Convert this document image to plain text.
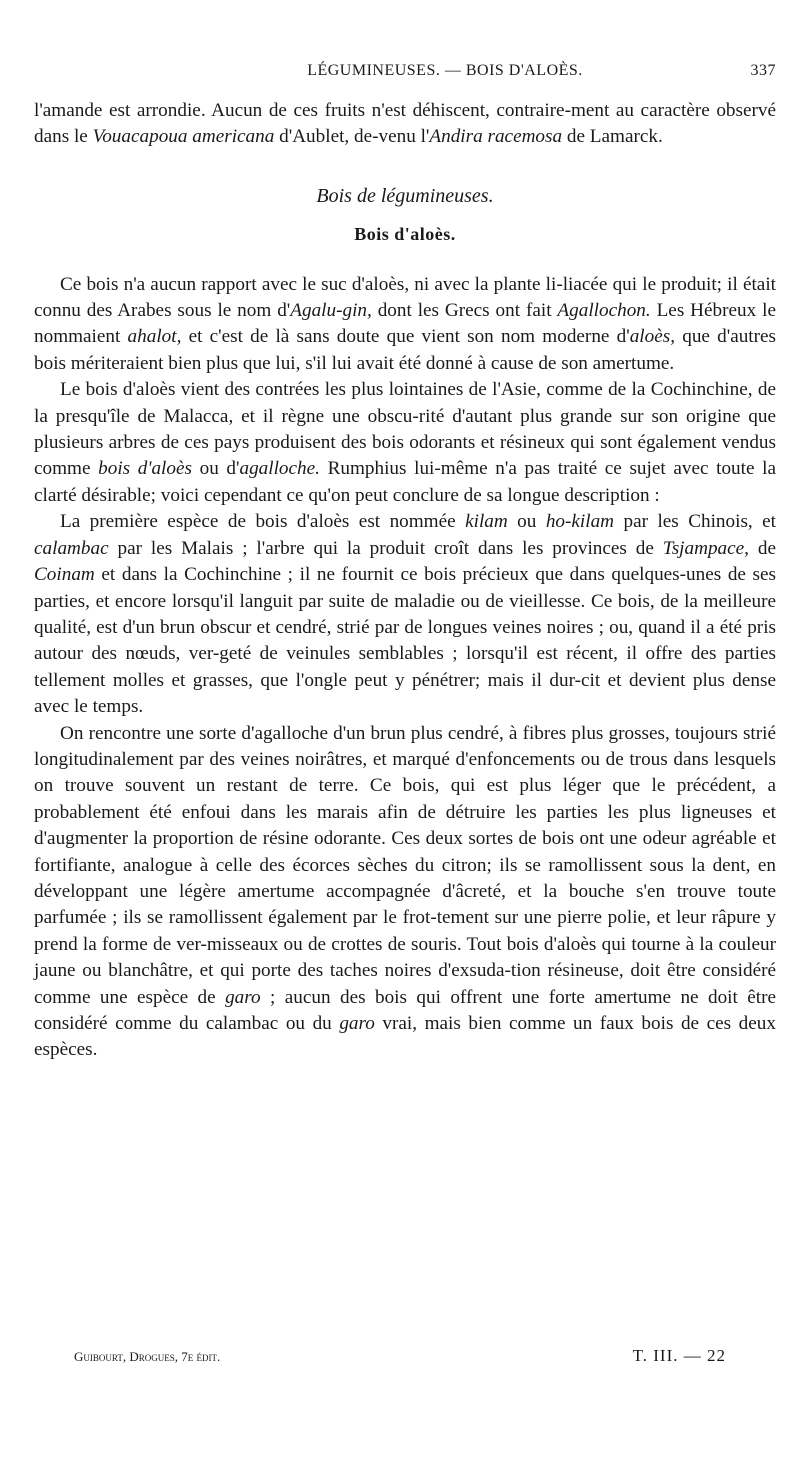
LÉGUMINEUSES. — BOIS D'ALOÈS.	337

l'amande est arrondie. Aucun de ces fruits n'est déhiscent, contraire-ment au caractère observé dans le Vouacapoua americana d'Aublet, de-venu l'Andira racemosa de Lamarck.

Bois de légumineuses.
Bois d'aloès.

Ce bois n'a aucun rapport avec le suc d'aloès, ni avec la plante li-liacée qui le produit; il était connu des Arabes sous le nom d'Agalu-gin, dont les Grecs ont fait Agallochon. Les Hébreux le nommaient ahalot, et c'est de là sans doute que vient son nom moderne d'aloès, que d'autres bois mériteraient bien plus que lui, s'il lui avait été donné à cause de son amertume.

Le bois d'aloès vient des contrées les plus lointaines de l'Asie, comme de la Cochinchine, de la presqu'île de Malacca, et il règne une obscu-rité d'autant plus grande sur son origine que plusieurs arbres de ces pays produisent des bois odorants et résineux qui sont également vendus comme bois d'aloès ou d'agalloche. Rumphius lui-même n'a pas traité ce sujet avec toute la clarté désirable; voici cependant ce qu'on peut conclure de sa longue description :

La première espèce de bois d'aloès est nommée kilam ou ho-kilam par les Chinois, et calambac par les Malais ; l'arbre qui la produit croît dans les provinces de Tsjampace, de Coinam et dans la Cochinchine ; il ne fournit ce bois précieux que dans quelques-unes de ses parties, et encore lorsqu'il languit par suite de maladie ou de vieillesse. Ce bois, de la meilleure qualité, est d'un brun obscur et cendré, strié par de longues veines noires ; ou, quand il a été pris autour des nœuds, ver-geté de veinules semblables ; lorsqu'il est récent, il offre des parties tellement molles et grasses, que l'ongle peut y pénétrer; mais il dur-cit et devient plus dense avec le temps.

On rencontre une sorte d'agalloche d'un brun plus cendré, à fibres plus grosses, toujours strié longitudinalement par des veines noirâtres, et marqué d'enfoncements ou de trous dans lesquels on trouve souvent un restant de terre. Ce bois, qui est plus léger que le précédent, a probablement été enfoui dans les marais afin de détruire les parties les plus ligneuses et d'augmenter la proportion de résine odorante. Ces deux sortes de bois ont une odeur agréable et fortifiante, analogue à celle des écorces sèches du citron; ils se ramollissent sous la dent, en développant une légère amertume accompagnée d'âcreté, et la bouche s'en trouve toute parfumée ; ils se ramollissent également par le frot-tement sur une pierre polie, et leur râpure y prend la forme de ver-misseaux ou de crottes de souris. Tout bois d'aloès qui tourne à la couleur jaune ou blanchâtre, et qui porte des taches noires d'exsuda-tion résineuse, doit être considéré comme une espèce de garo ; aucun des bois qui offrent une forte amertume ne doit être considéré comme du calambac ou du garo vrai, mais bien comme un faux bois de ces deux espèces.

Guibourt, Drogues, 7e édit.	T. III. — 22
